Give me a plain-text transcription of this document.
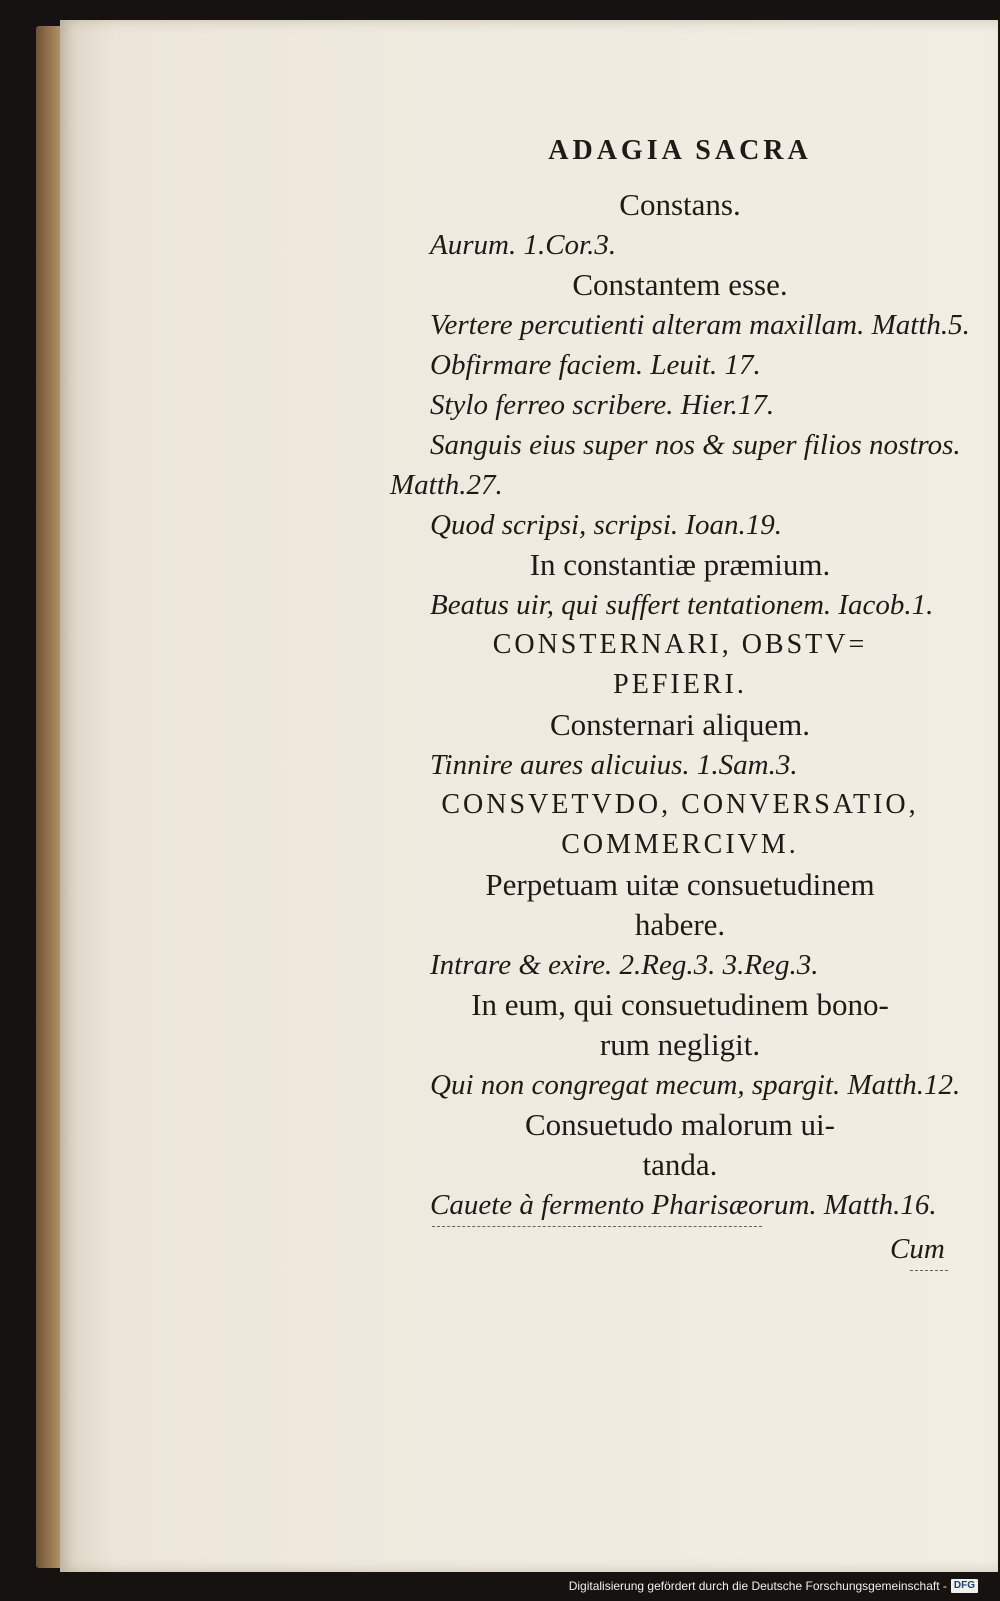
ADAGIA SACRA
Constans.
Aurum. 1.Cor.3.
Constantem esse.
Vertere percutienti alteram maxillam. Matth.5.
Obfirmare faciem. Leuit. 17.
Stylo ferreo scribere. Hier.17.
Sanguis eius super nos & super filios nostros.
Matth.27.
Quod scripsi, scripsi. Ioan.19.
In constantiæ præmium.
Beatus uir, qui suffert tentationem. Iacob.1.
CONSTERNARI, OBSTV=
PEFIERI.
Consternari aliquem.
Tinnire aures alicuius. 1.Sam.3.
CONSVETVDO, CONVERSATIO,
COMMERCIVM.
Perpetuam uitæ consuetudinem
habere.
Intrare & exire. 2.Reg.3. 3.Reg.3.
In eum, qui consuetudinem bono-
rum negligit.
Qui non congregat mecum, spargit. Matth.12.
Consuetudo malorum ui-
tanda.
Cauete à fermento Pharisæorum. Matth.16.
Cum
Digitalisierung gefördert durch die Deutsche Forschungsgemeinschaft - DFG
